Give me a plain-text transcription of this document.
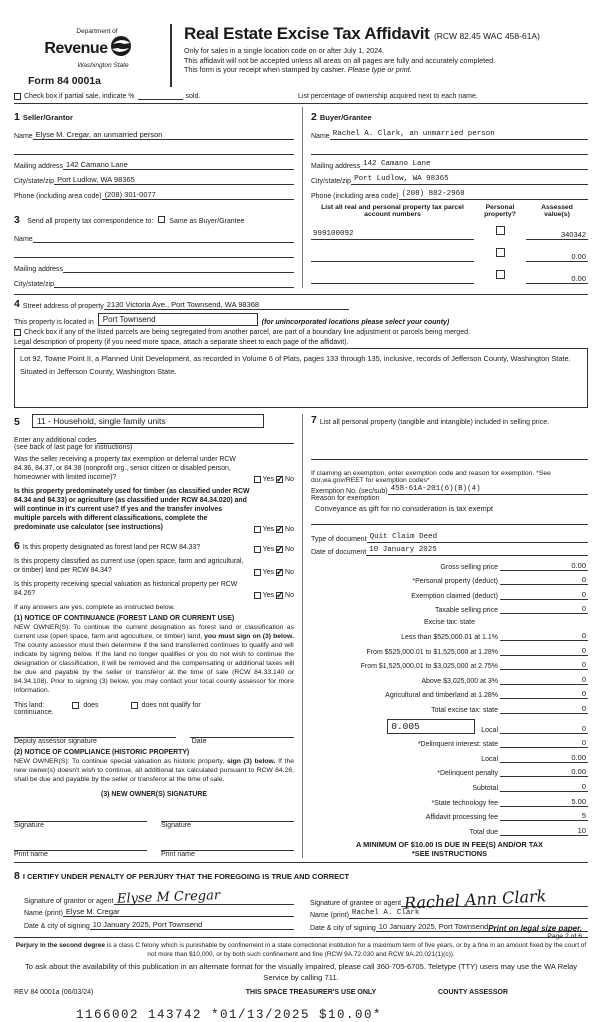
Department of
Revenue
Washington State
Form 84 0001a
Real Estate Excise Tax Affidavit (RCW 82.45 WAC 458-61A)
Only for sales in a single location code on or after July 1, 2024.
This affidavit will not be accepted unless all areas on all pages are fully and accurately completed.
This form is your receipt when stamped by cashier. Please type or print.
Check box if partial sale, indicate %	sold.	List percentage of ownership acquired next to each name.
1 Seller/Grantor
Name Elyse M. Cregar, an unmarried person
Mailing address 142 Camano Lane
City/state/zip Port Ludlow, WA 98365
Phone (including area code) (208) 301-0077
3 Send all property tax correspondence to: Same as Buyer/Grantee
Name
Mailing address
City/state/zip
2 Buyer/Grantee
Name Rachel A. Clark, an unmarried person
Mailing address 142 Camano Lane
City/state/zip Port Ludlow, WA 98365
Phone (including area code) (208) 882-2968
List all real and personal property tax parcel account numbers
Personal
property?
Assessed
value(s)
999100092	340342
0.00
0.00
4 Street address of property 2130 Victoria Ave., Port Townsend, WA 98368
This property is located in	Port Townsend	(for unincorporated locations please select your county)
Check box if any of the listed parcels are being segregated from another parcel, are part of a boundary line adjustment or parcels being merged.
Legal description of property (if you need more space, attach a separate sheet to each page of the affidavit).
Lot 92, Towne Point II, a Planned Unit Development, as recorded in Volume 6 of Plats, pages 133 through 135, inclusive, records of Jefferson County, Washington State. Situated in Jefferson County, Washington State.
5	11 - Household, single family units
Enter any additional codes
(see back of last page for instructions)
Was the seller receiving a property tax exemption or deferral under RCW 84.36, 84.37, or 84.38 (nonprofit org., senior citizen or disabled person, homeowner with limited income)?	Yes ✓ No
Is this property predominately used for timber (as classified under RCW 84.34 and 84.33) or agriculture (as classified under RCW 84.34.020) and will continue in it's current use? If yes and the transfer involves multiple parcels with different classifications, complete the predominate use calculator (see instructions)	Yes ✓ No
6 Is this property designated as forest land per RCW 84.33?	Yes ✓ No
Is this property classified as current use (open space, farm and agricultural, or timber) land per RCW 84.34?	Yes ✓ No
Is this property receiving special valuation as historical property per RCW 84.26?	Yes ✓ No
If any answers are yes, complete as instructed below.
(1) NOTICE OF CONTINUANCE (FOREST LAND OR CURRENT USE)
NEW OWNER(S): To continue the current designation as forest land or classification as current use (open space, farm and agriculture, or timber) land, you must sign on (3) below. The county assessor must then determine if the land transferred continues to qualify and will indicate by signing below. If the land no longer qualifies or you do not wish to continue the designation or classification, it will be removed and the compensating or additional taxes will be due and payable by the seller or transferor at the time of sale (RCW 84.33.140 or 84.34.108). Prior to signing (3) below, you may contact your local county assessor for more information.
This land:	does	does not qualify for
continuance.
Deputy assessor signature	Date
(2) NOTICE OF COMPLIANCE (HISTORIC PROPERTY)
NEW OWNER(S): To continue special valuation as historic property, sign (3) below. If the new owner(s) doesn't wish to continue, all additional tax calculated pursuant to RCW 84.26, shall be due and payable by the seller or transferor at the time of sale.
(3) NEW OWNER(S) SIGNATURE
Signature	Signature
Print name	Print name
7 List all personal property (tangible and intangible) included in selling price.
If claiming an exemption, enter exemption code and reason for exemption. *See dor.wa.gov/REET for exemption codes*
Exemption No. (sec/sub) 458-61A-201(6)(B)(4)
Reason for exemption
Conveyance as gift for no consideration is tax exempt
Type of document Quit Claim Deed
Date of document 10 January 2025
Gross selling price	0.00
*Personal property (deduct)	0
Exemption claimed (deduct)	0
Taxable selling price	0
Excise tax: state
Less than $525,000.01 at 1.1%	0
From $525,000.01 to $1,525,000 at 1.28%	0
From $1,525,000.01 to $3,025,000 at 2.75%	0
Above $3,025,000 at 3%	0
Agricultural and timberland at 1.28%	0
Total excise tax: state	0
0.005	Local	0
*Delinquent interest: state	0
Local	0.00
*Delinquent penalty	0.00
Subtotal	0
*State technology fee	5.00
Affidavit processing fee	5
Total due	10
A MINIMUM OF $10.00 IS DUE IN FEE(S) AND/OR TAX
*SEE INSTRUCTIONS
8 I CERTIFY UNDER PENALTY OF PERJURY THAT THE FOREGOING IS TRUE AND CORRECT
Signature of grantor or agent Elyse M Cregar
Name (print) Elyse M. Cregar
Date & city of signing 10 January 2025, Port Townsend
Signature of grantee or agent Rachel Ann Clark
Name (print) Rachel A. Clark
Date & city of signing 10 January 2025, Port Townsend
Perjury in the second degree is a class C felony which is punishable by confinement in a state correctional institution for a maximum term of five years, or by a fine in an amount fixed by the court of not more than $10,000, or by both such confinement and fine (RCW 9A.72.030 and RCW 9A.20.021(1)(c)).
To ask about the availability of this publication in an alternate format for the visually impaired, please call 360-705-6705. Teletype (TTY) users may use the WA Relay Service by calling 711.
REV 84 0001a (06/03/24)	THIS SPACE TREASURER'S USE ONLY	COUNTY ASSESSOR
1166002 143742 *01/13/2025 $10.00*
Print on legal size paper.
Page 2 of 6
